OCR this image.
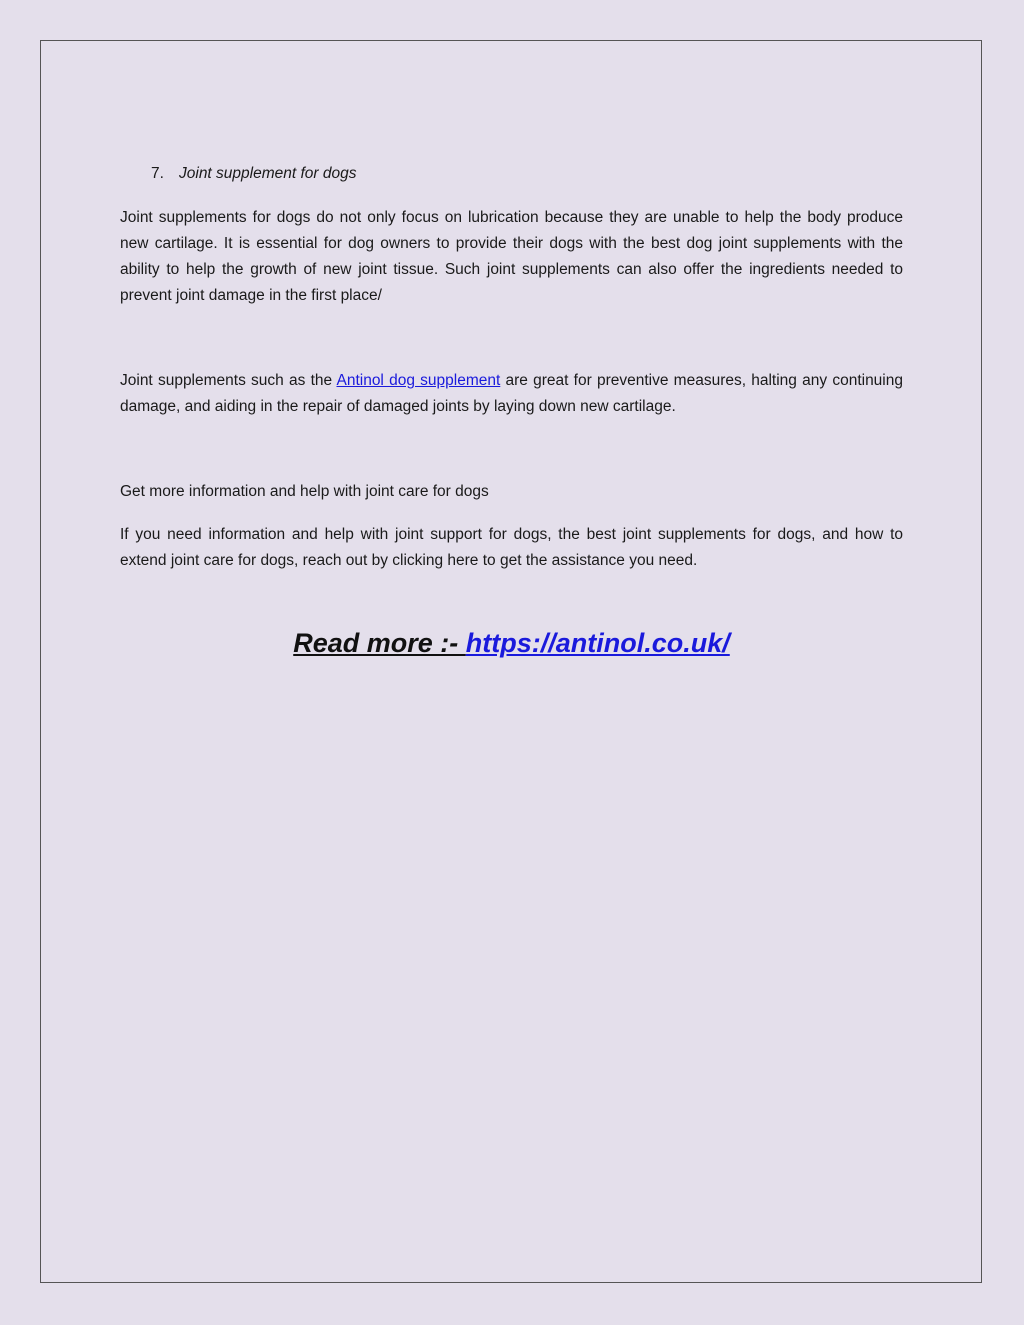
7. Joint supplement for dogs

Joint supplements for dogs do not only focus on lubrication because they are unable to help the body produce new cartilage. It is essential for dog owners to provide their dogs with the best dog joint supplements with the ability to help the growth of new joint tissue. Such joint supplements can also offer the ingredients needed to prevent joint damage in the first place/

Joint supplements such as the Antinol dog supplement are great for preventive measures, halting any continuing damage, and aiding in the repair of damaged joints by laying down new cartilage.

Get more information and help with joint care for dogs

If you need information and help with joint support for dogs, the best joint supplements for dogs, and how to extend joint care for dogs, reach out by clicking here to get the assistance you need.

Read more :- https://antinol.co.uk/
